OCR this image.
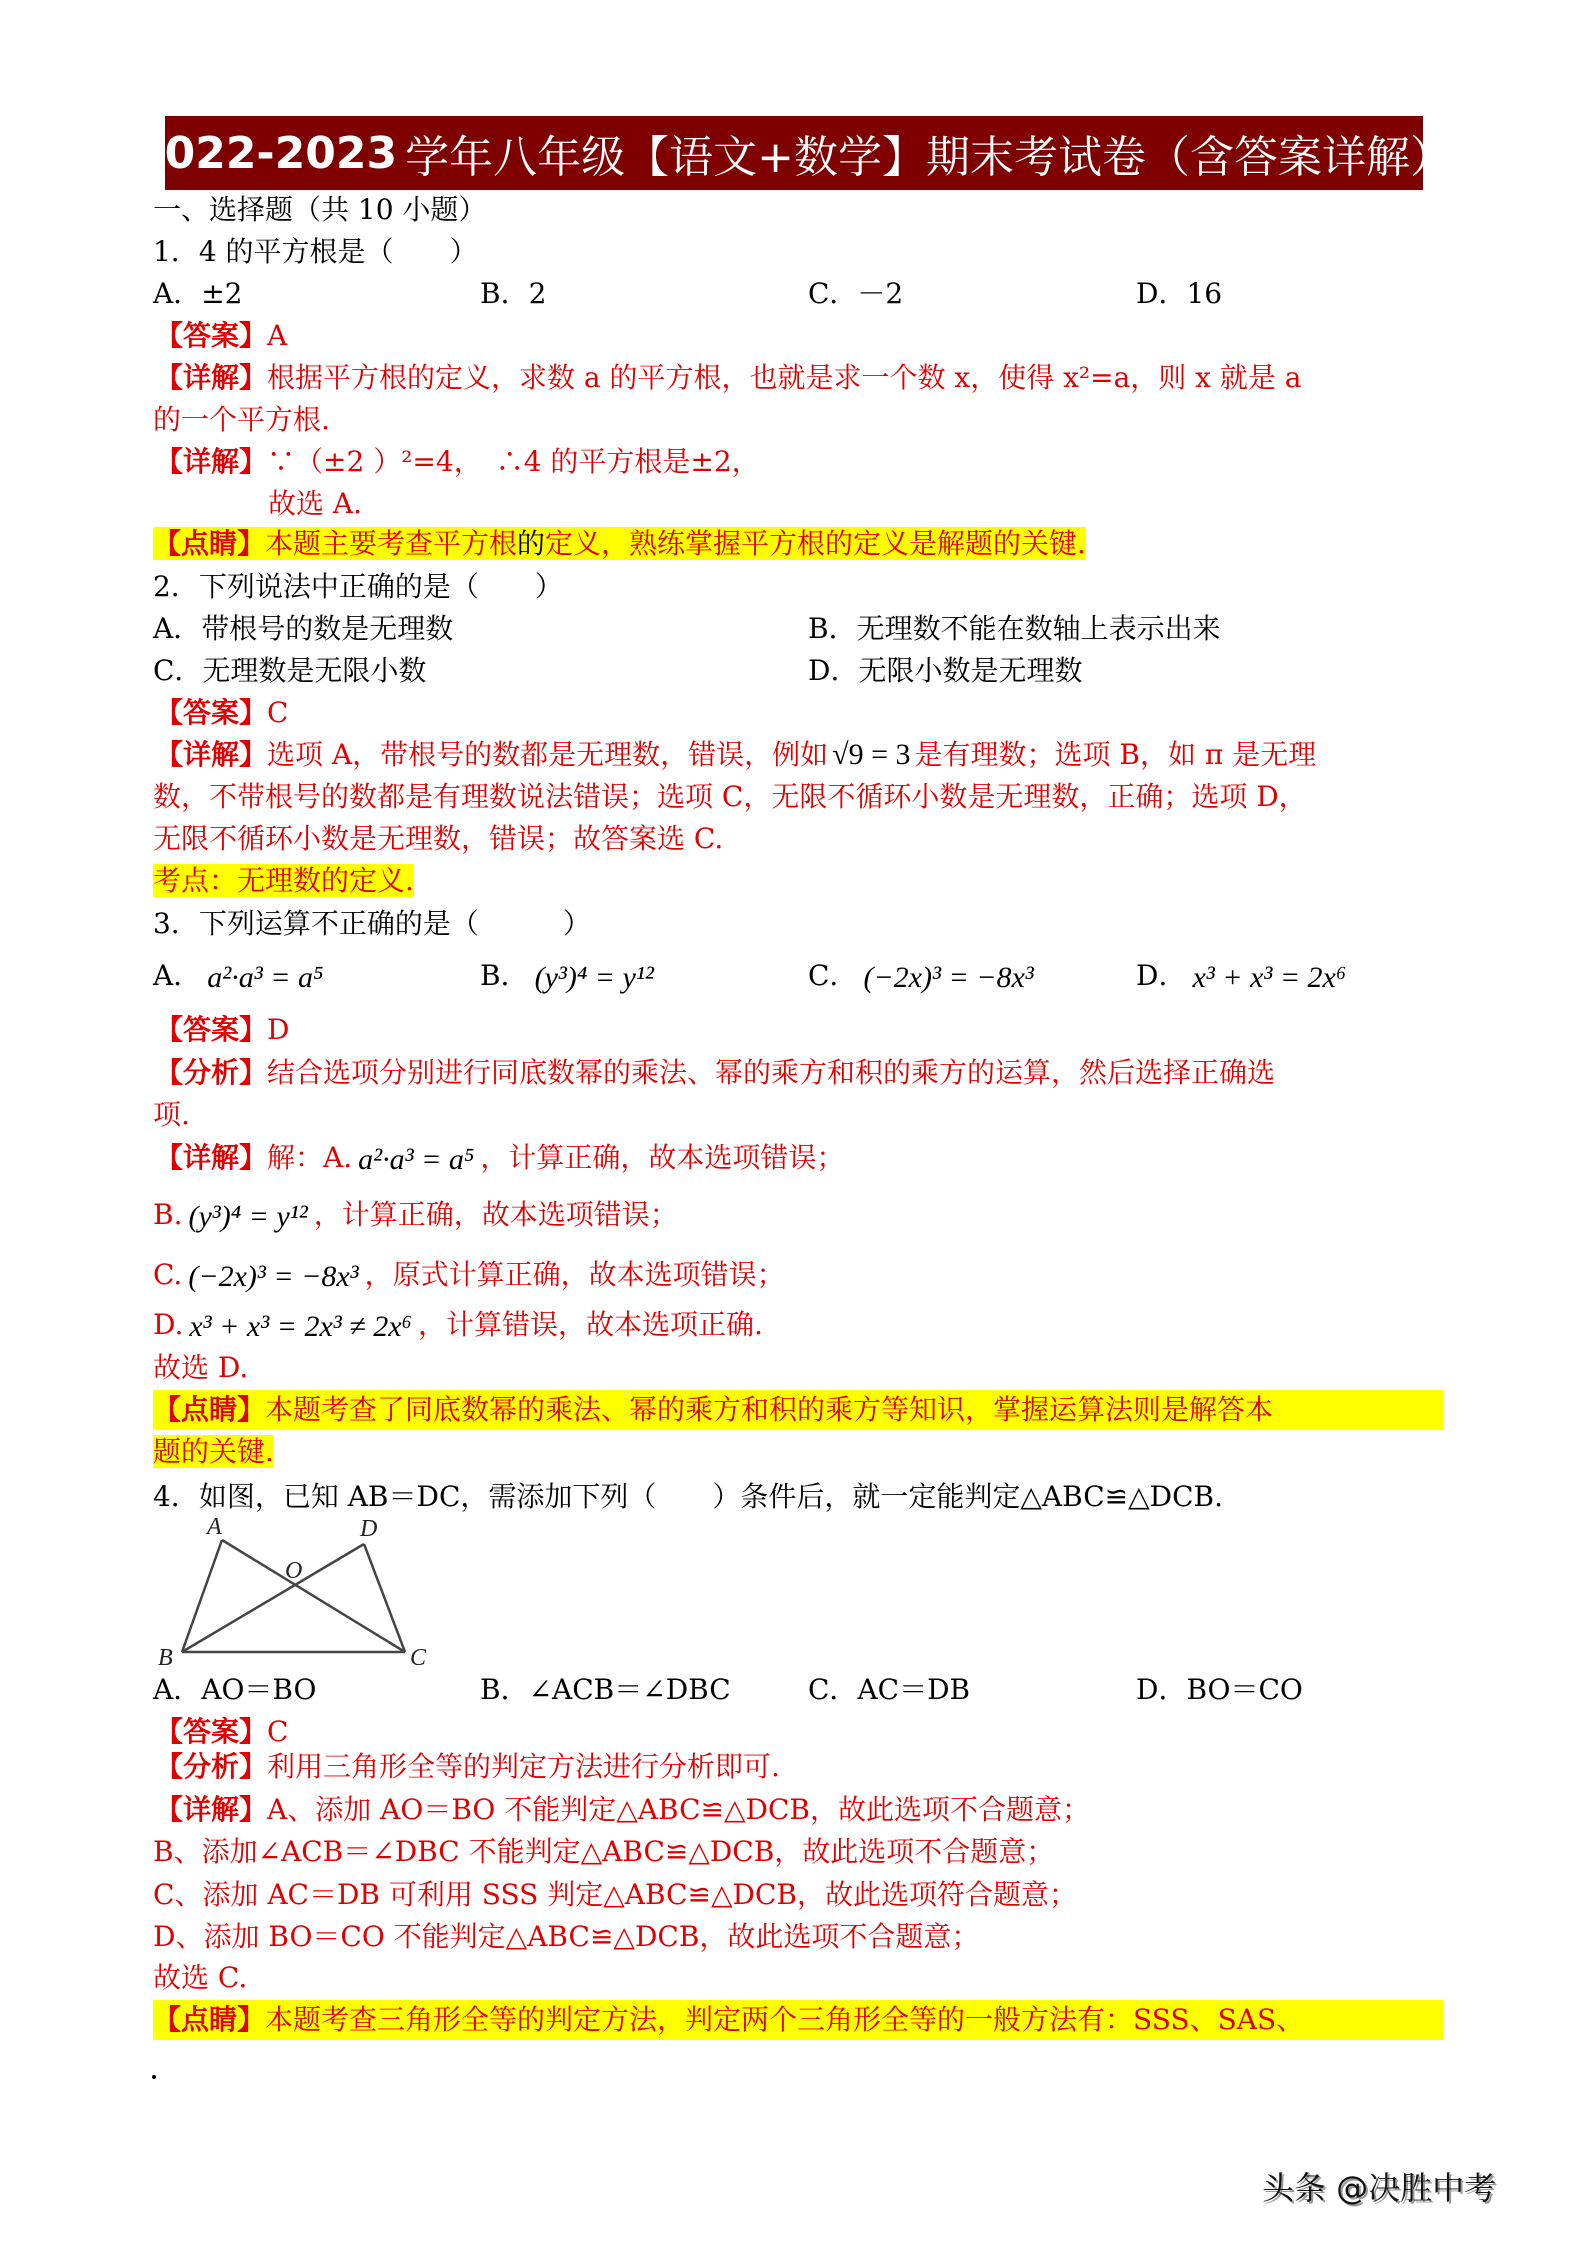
2022-2023 学年八年级【语文+数学】期末考试卷（含答案详解）
一、选择题（共 10 小题）
1．4 的平方根是（　　）
A．±2	B．2	C．－2	D．16
【答案】A
【详解】根据平方根的定义，求数 a 的平方根，也就是求一个数 x，使得 x²=a，则 x 就是 a
的一个平方根.
【详解】∵（±2 ）²=4，　∴4 的平方根是±2，
故选 A.
【点睛】本题主要考查平方根的定义，熟练掌握平方根的定义是解题的关键.
2．下列说法中正确的是（　　）
A．带根号的数是无理数	B．无理数不能在数轴上表示出来
C．无理数是无限小数	D．无限小数是无理数
【答案】C
【详解】选项 A，带根号的数都是无理数，错误，例如 √9 = 3 是有理数；选项 B，如 π 是无理
数，不带根号的数都是有理数说法错误；选项 C，无限不循环小数是无理数，正确；选项 D，
无限不循环小数是无理数，错误；故答案选 C.
考点：无理数的定义.
3．下列运算不正确的是（　　　）
A． a²·a³ = a⁵	B． (y³)⁴ = y¹²	C． (−2x)³ = −8x³	D． x³ + x³ = 2x⁶
【答案】D
【分析】结合选项分别进行同底数幂的乘法、幂的乘方和积的乘方的运算，然后选择正确选
项.
【详解】解：A. a²·a³ = a⁵ ，计算正确，故本选项错误；
B. (y³)⁴ = y¹² ，计算正确，故本选项错误；
C. (−2x)³ = −8x³ ，原式计算正确，故本选项错误；
D. x³ + x³ = 2x³ ≠ 2x⁶ ，计算错误，故本选项正确.
故选 D.
【点睛】本题考查了同底数幂的乘法、幂的乘方和积的乘方等知识，掌握运算法则是解答本
题的关键.
4．如图，已知 AB＝DC，需添加下列（　　）条件后，就一定能判定△ABC≌△DCB.
A	D
O
B	C
A．AO＝BO	B．∠ACB＝∠DBC	C．AC＝DB	D．BO＝CO
【答案】C
【分析】利用三角形全等的判定方法进行分析即可.
【详解】A、添加 AO＝BO 不能判定△ABC≌△DCB，故此选项不合题意；
B、添加∠ACB＝∠DBC 不能判定△ABC≌△DCB，故此选项不合题意；
C、添加 AC＝DB 可利用 SSS 判定△ABC≌△DCB，故此选项符合题意；
D、添加 BO＝CO 不能判定△ABC≌△DCB，故此选项不合题意；
故选 C.
【点睛】本题考查三角形全等的判定方法，判定两个三角形全等的一般方法有：SSS、SAS、
头条 @决胜中考
